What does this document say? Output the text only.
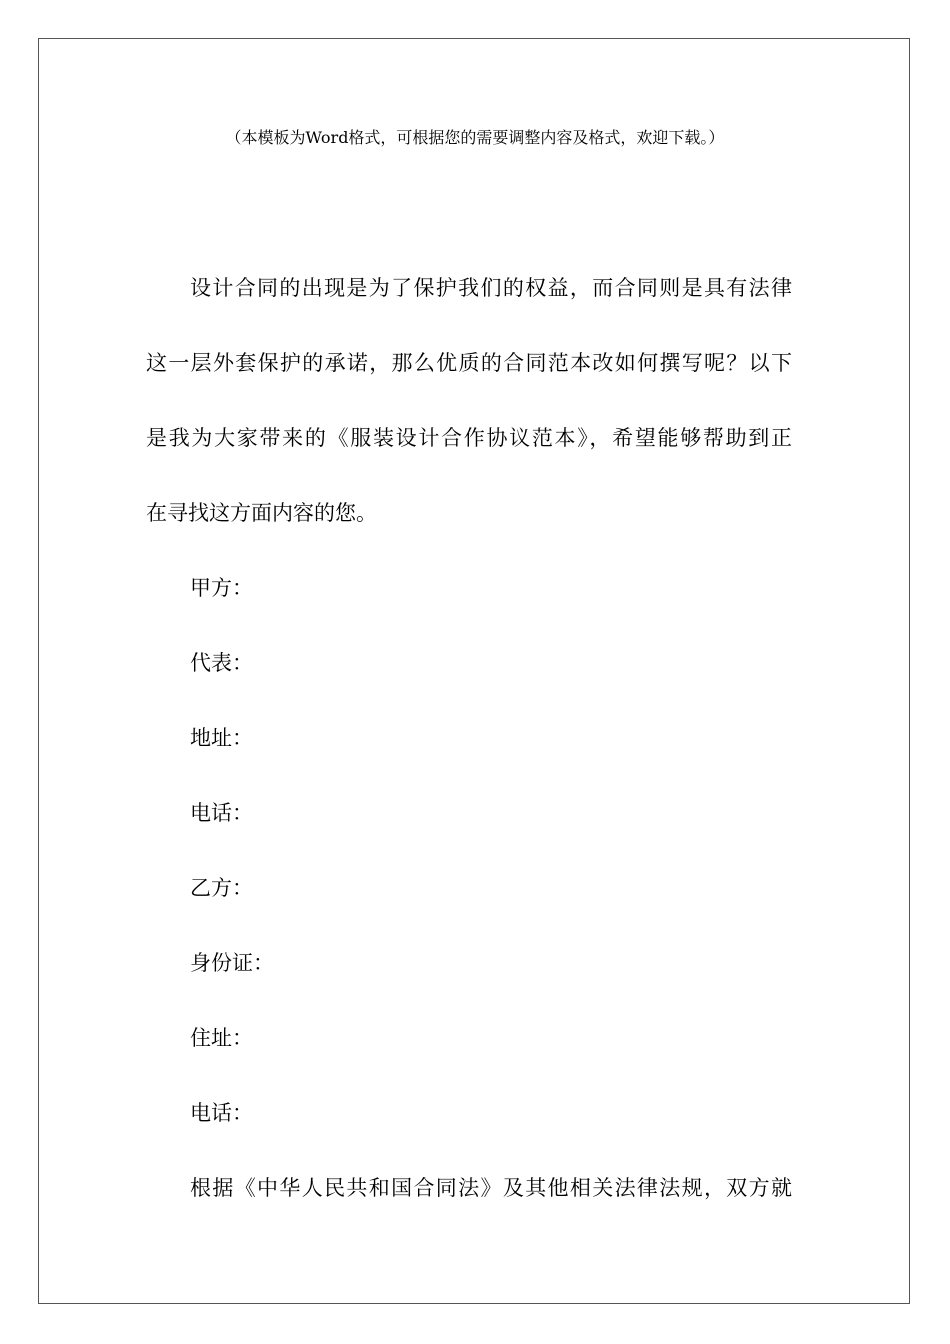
（本模板为Word格式，可根据您的需要调整内容及格式，欢迎下载。）
设计合同的出现是为了保护我们的权益，而合同则是具有法律
这一层外套保护的承诺，那么优质的合同范本改如何撰写呢？以下
是我为大家带来的《服装设计合作协议范本》，希望能够帮助到正
在寻找这方面内容的您。
甲方：
代表：
地址：
电话：
乙方：
身份证：
住址：
电话：
根据《中华人民共和国合同法》及其他相关法律法规，双方就
